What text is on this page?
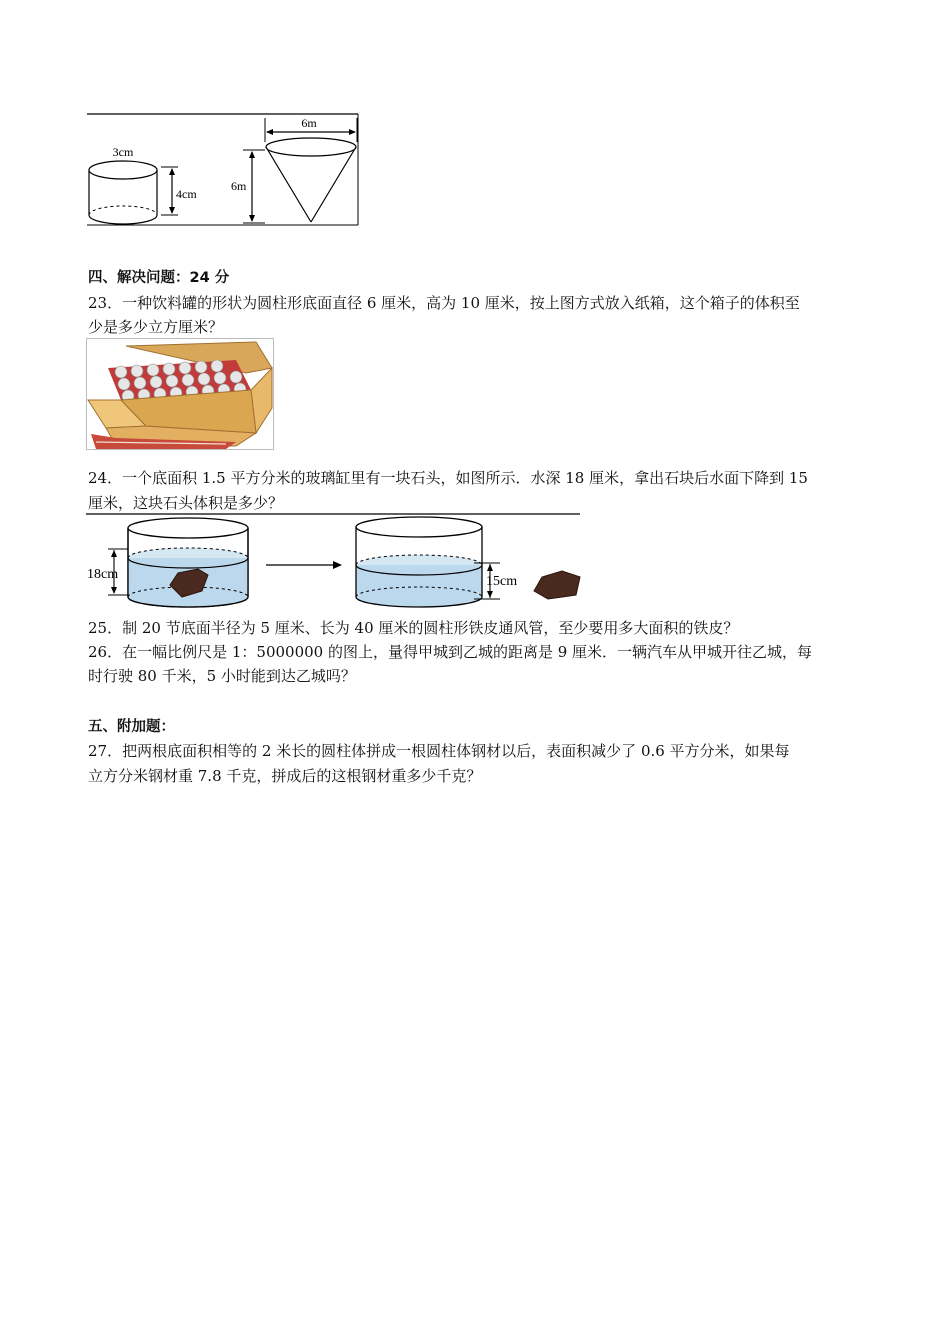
3cm
4cm
6m
6m
四、解决问题：24 分
23．一种饮料罐的形状为圆柱形底面直径 6 厘米，高为 10 厘米，按上图方式放入纸箱，这个箱子的体积至
少是多少立方厘米？
24．一个底面积 1.5 平方分米的玻璃缸里有一块石头，如图所示．水深 18 厘米，拿出石块后水面下降到 15
厘米，这块石头体积是多少？
18cm	15cm
25．制 20 节底面半径为 5 厘米、长为 40 厘米的圆柱形铁皮通风管，至少要用多大面积的铁皮？
26．在一幅比例尺是 1：5000000 的图上，量得甲城到乙城的距离是 9 厘米．一辆汽车从甲城开往乙城，每
时行驶 80 千米，5 小时能到达乙城吗？
五、附加题：
27．把两根底面积相等的 2 米长的圆柱体拼成一根圆柱体钢材以后，表面积减少了 0.6 平方分米，如果每
立方分米钢材重 7.8 千克，拼成后的这根钢材重多少千克？
